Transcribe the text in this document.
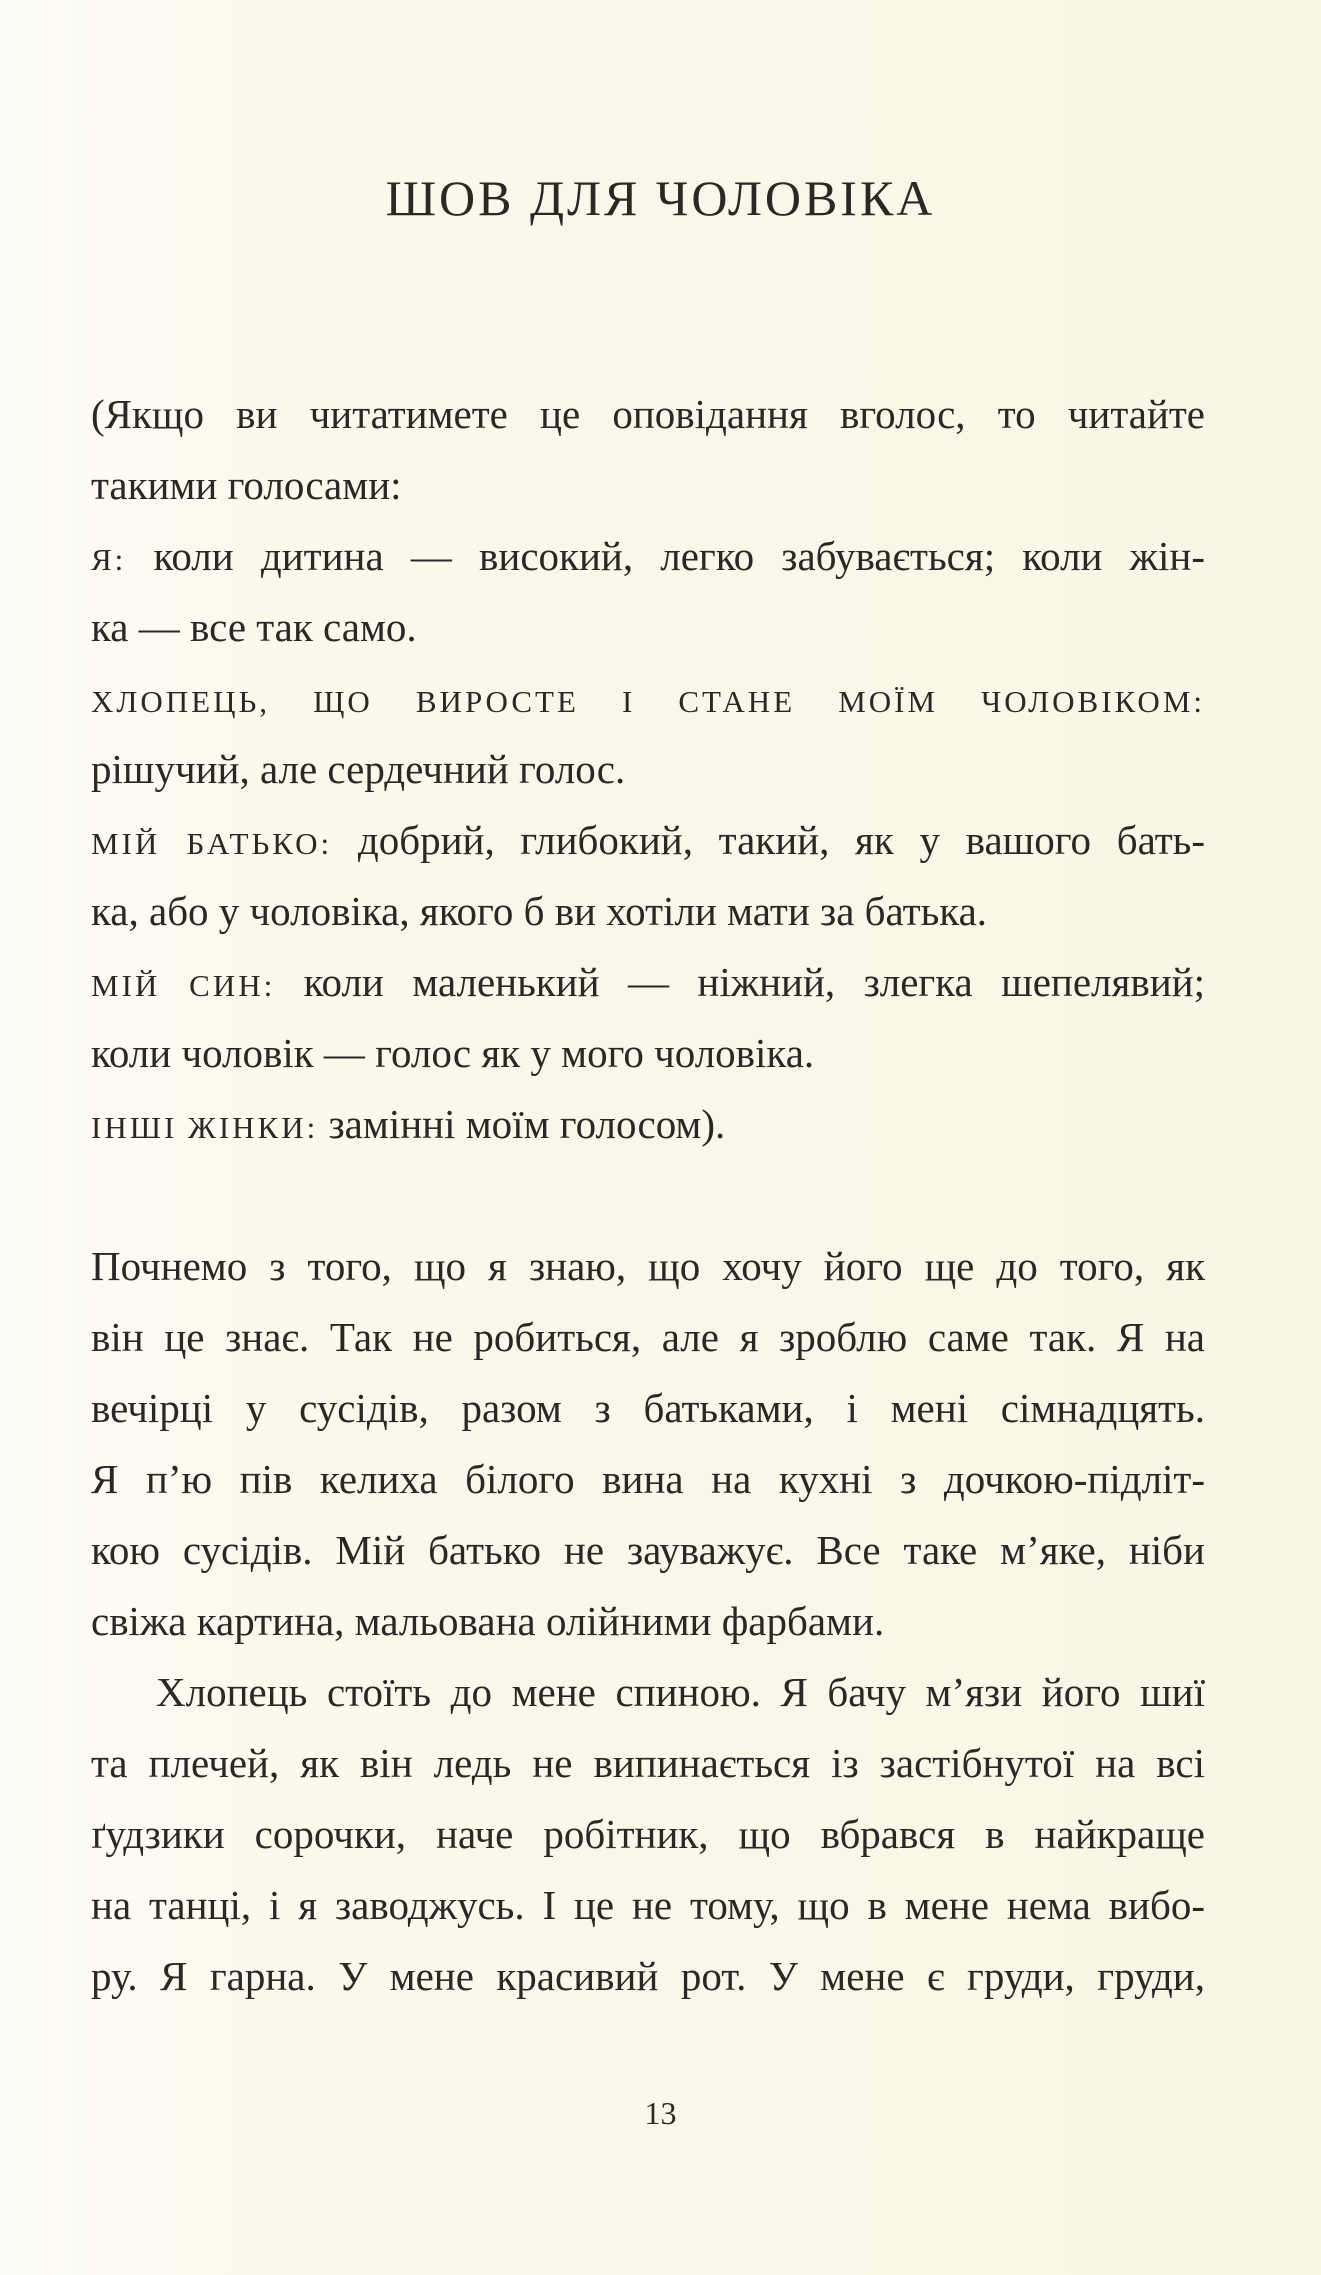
ШОВ ДЛЯ ЧОЛОВІКА
(Якщо ви читатимете це оповідання вголос, то читайте
такими голосами:
Я: коли дитина — високий, легко забувається; коли жін-
ка — все так само.
ХЛОПЕЦЬ, ЩО ВИРОСТЕ І СТАНЕ МОЇМ ЧОЛОВІКОМ:
рішучий, але сердечний голос.
МІЙ БАТЬКО: добрий, глибокий, такий, як у вашого бать-
ка, або у чоловіка, якого б ви хотіли мати за батька.
МІЙ СИН: коли маленький — ніжний, злегка шепелявий;
коли чоловік — голос як у мого чоловіка.
ІНШІ ЖІНКИ: замінні моїм голосом).
Почнемо з того, що я знаю, що хочу його ще до того, як
він це знає. Так не робиться, але я зроблю саме так. Я на
вечірці у сусідів, разом з батьками, і мені сімнадцять.
Я п’ю пів келиха білого вина на кухні з дочкою-підліт-
кою сусідів. Мій батько не зауважує. Все таке м’яке, ніби
свіжа картина, мальована олійними фарбами.
Хлопець стоїть до мене спиною. Я бачу м’язи його шиї
та плечей, як він ледь не випинається із застібнутої на всі
ґудзики сорочки, наче робітник, що вбрався в найкраще
на танці, і я заводжусь. І це не тому, що в мене нема вибо-
ру. Я гарна. У мене красивий рот. У мене є груди, груди,
13
